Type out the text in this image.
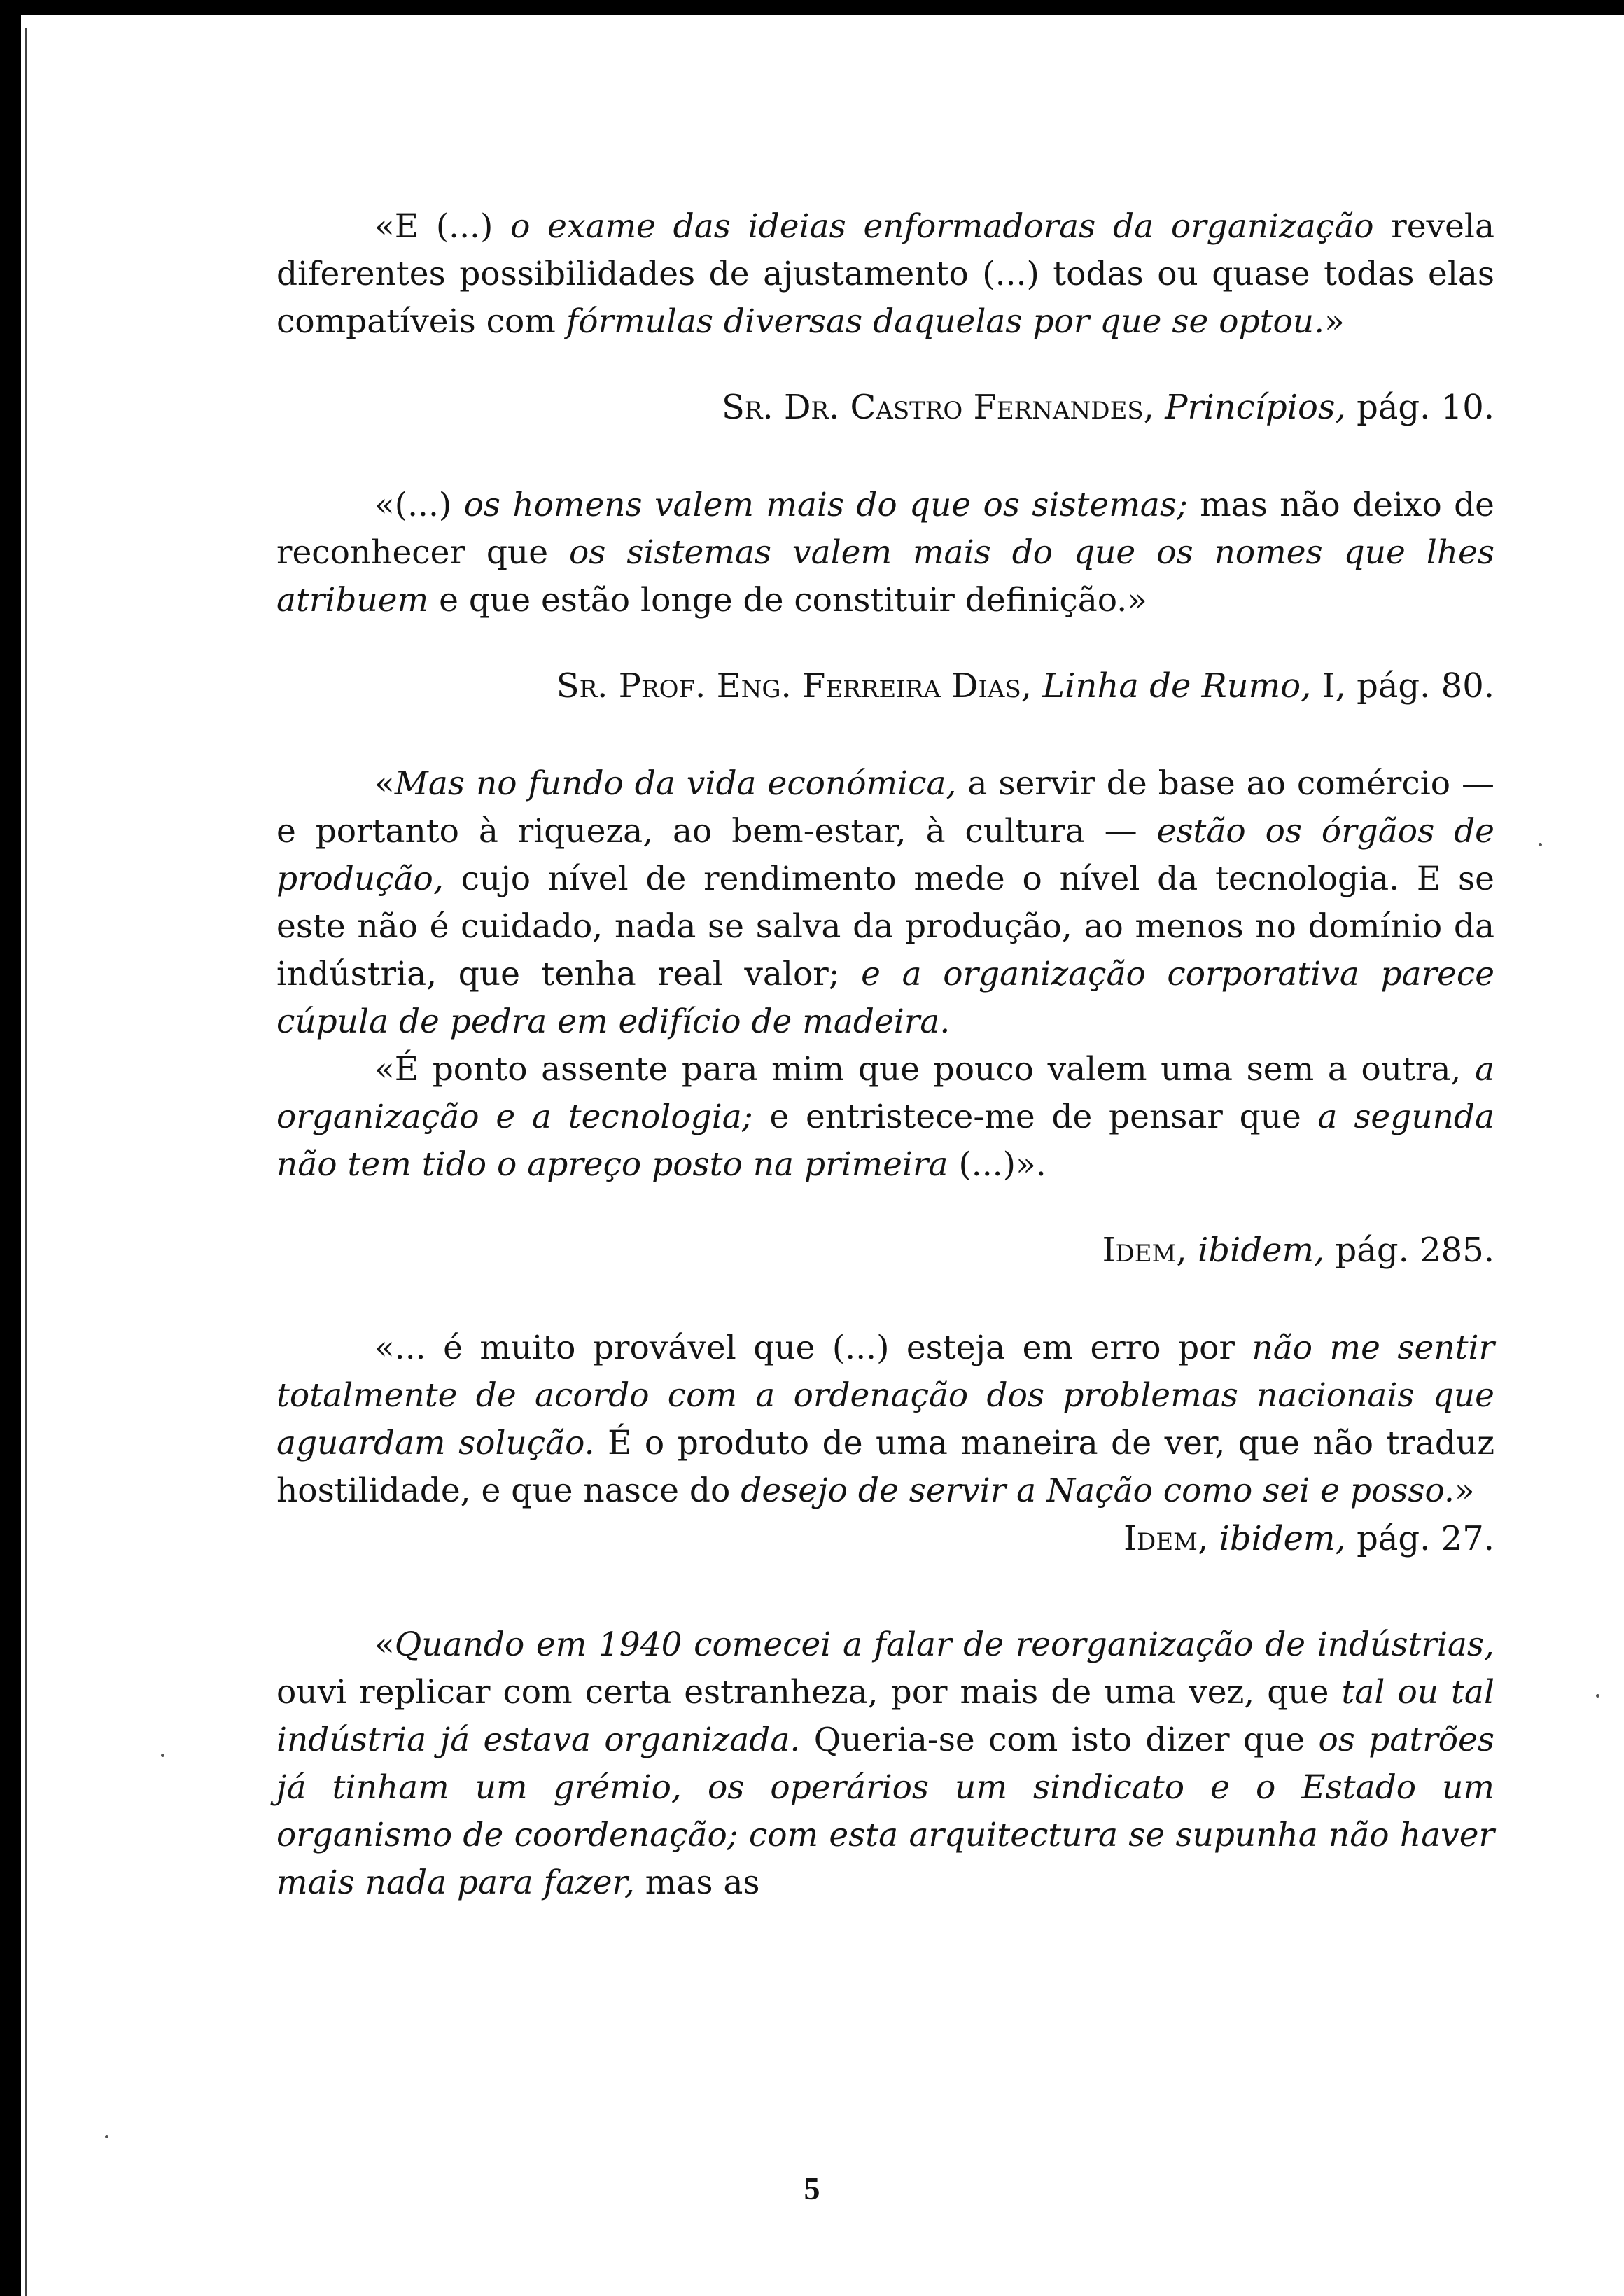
«E (...) o exame das ideias enformadoras da organização revela diferentes possibilidades de ajustamento (...) todas ou quase todas elas compatíveis com fórmulas diversas daquelas por que se optou.»

Sr. Dr. Castro Fernandes, Princípios, pág. 10.

«(...) os homens valem mais do que os sistemas; mas não deixo de reconhecer que os sistemas valem mais do que os nomes que lhes atribuem e que estão longe de constituir definição.»

Sr. Prof. Eng. Ferreira Dias, Linha de Rumo, I, pág. 80.

«Mas no fundo da vida económica, a servir de base ao comércio — e portanto à riqueza, ao bem-estar, à cultura — estão os órgãos de produção, cujo nível de rendimento mede o nível da tecnologia. E se este não é cuidado, nada se salva da produção, ao menos no domínio da indústria, que tenha real valor; e a organização corporativa parece cúpula de pedra em edifício de madeira.

«É ponto assente para mim que pouco valem uma sem a outra, a organização e a tecnologia; e entristece-me de pensar que a segunda não tem tido o apreço posto na primeira (...)».

Idem, ibidem, pág. 285.

«... é muito provável que (...) esteja em erro por não me sentir totalmente de acordo com a ordenação dos problemas nacionais que aguardam solução. É o produto de uma maneira de ver, que não traduz hostilidade, e que nasce do desejo de servir a Nação como sei e posso.»

Idem, ibidem, pág. 27.

«Quando em 1940 comecei a falar de reorganização de indústrias, ouvi replicar com certa estranheza, por mais de uma vez, que tal ou tal indústria já estava organizada. Queria-se com isto dizer que os patrões já tinham um grémio, os operários um sindicato e o Estado um organismo de coordenação; com esta arquitectura se supunha não haver mais nada para fazer, mas as

5
